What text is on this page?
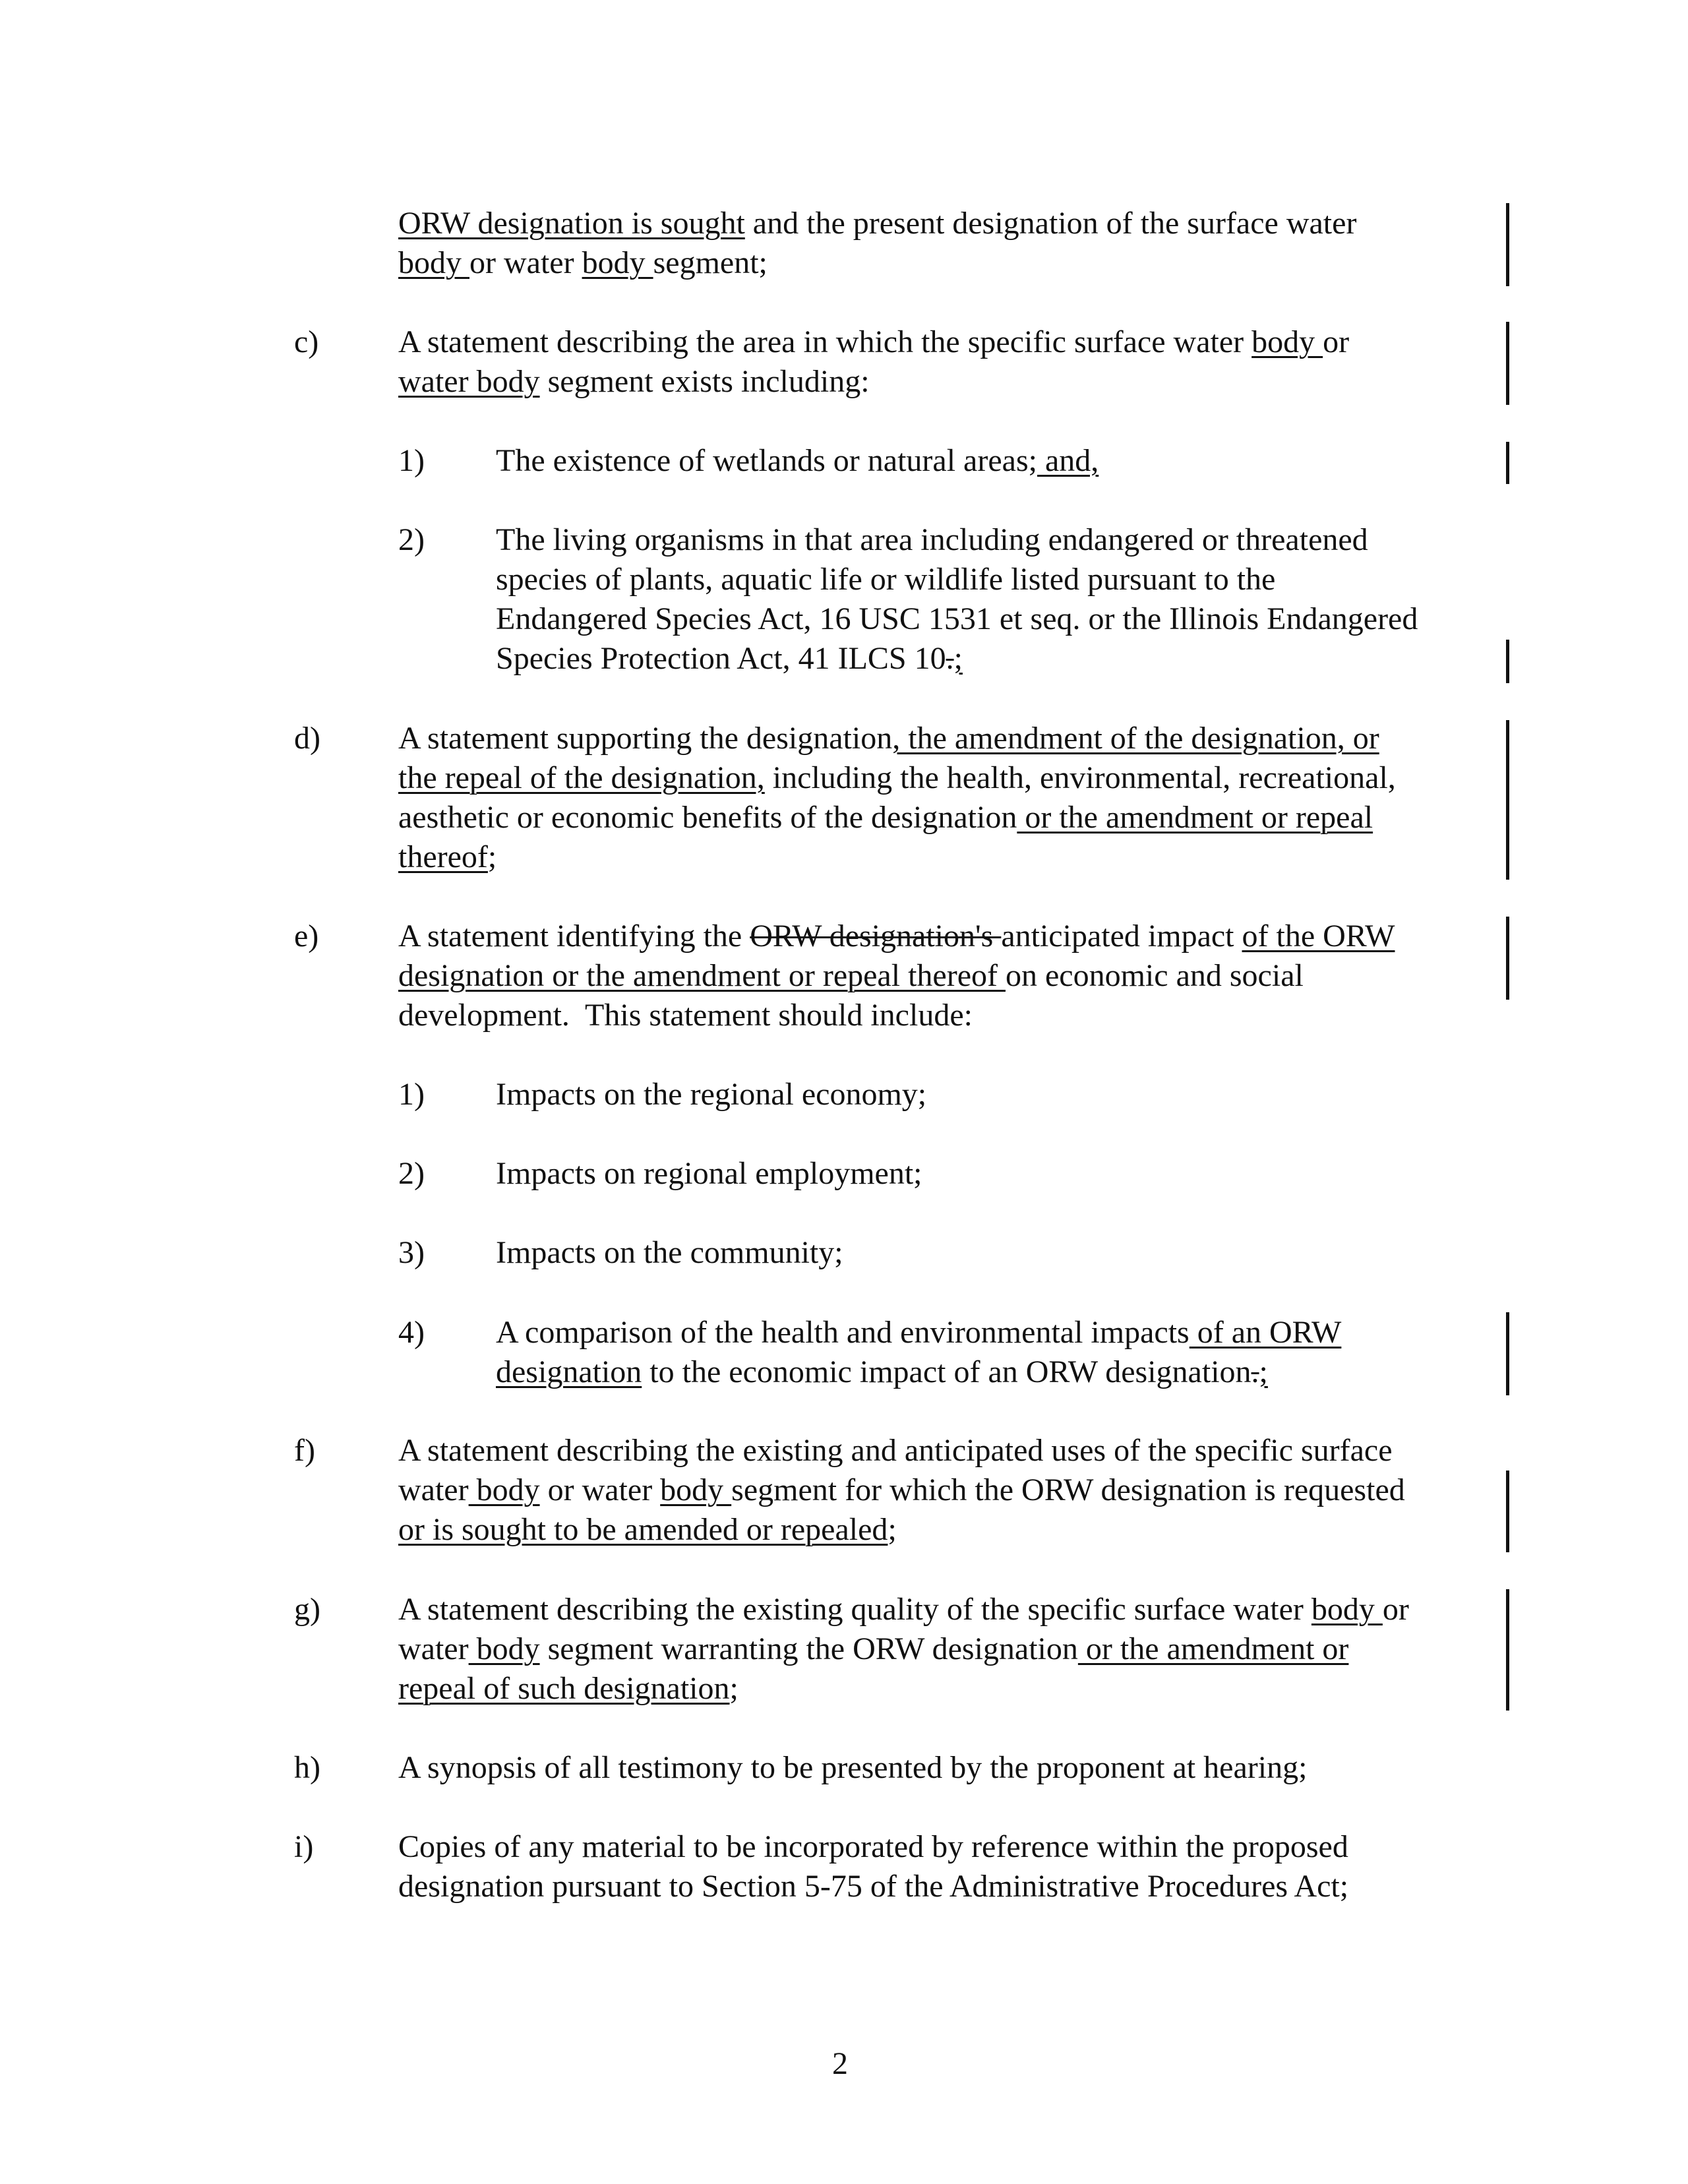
ORW designation is sought and the present designation of the surface water
body or water body segment;
c)	A statement describing the area in which the specific surface water body or
water body segment exists including:
1) The existence of wetlands or natural areas; and,
2) The living organisms in that area including endangered or threatened
species of plants, aquatic life or wildlife listed pursuant to the
Endangered Species Act, 16 USC 1531 et seq. or the Illinois Endangered
Species Protection Act, 41 ILCS 10.;
d) A statement supporting the designation, the amendment of the designation, or
the repeal of the designation, including the health, environmental, recreational,
aesthetic or economic benefits of the designation or the amendment or repeal
thereof;
e)	A statement identifying the ORW designation's anticipated impact of the ORW
designation or the amendment or repeal thereof on economic and social
development.  This statement should include:
1) Impacts on the regional economy;
2) Impacts on regional employment;
3) Impacts on the community;
4) A comparison of the health and environmental impacts of an ORW
designation to the economic impact of an ORW designation.;
f)	A statement describing the existing and anticipated uses of the specific surface
water body or water body segment for which the ORW designation is requested
or is sought to be amended or repealed;
g) A statement describing the existing quality of the specific surface water body or
water body segment warranting the ORW designation or the amendment or
repeal of such designation;
h) A synopsis of all testimony to be presented by the proponent at hearing;
i)	Copies of any material to be incorporated by reference within the proposed
designation pursuant to Section 5-75 of the Administrative Procedures Act;
2
